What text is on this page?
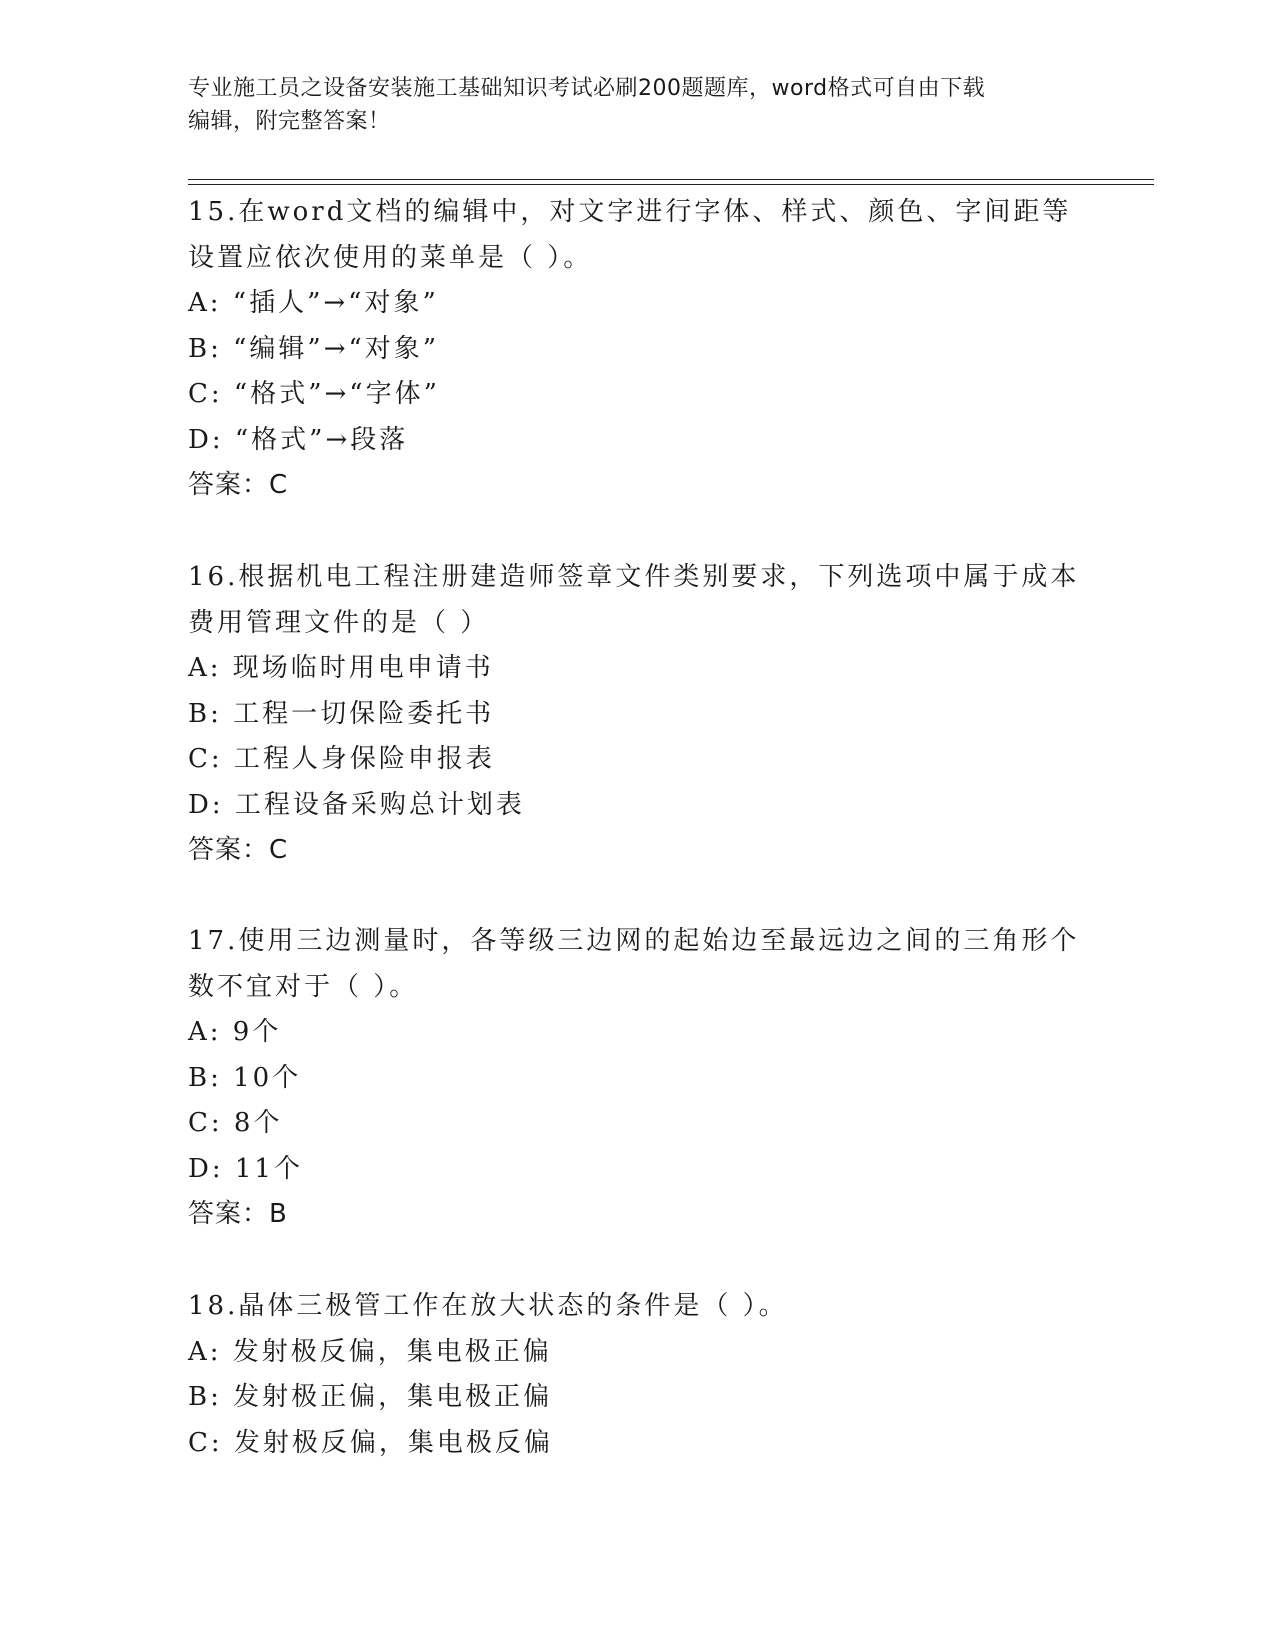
专业施工员之设备安装施工基础知识考试必刷200题题库，word格式可自由下载
编辑，附完整答案！

15.在word文档的编辑中，对文字进行字体、样式、颜色、字间距等

设置应依次使用的菜单是（ ）。

A: “插人”→“对象”

B: “编辑”→“对象”

C: “格式”→“字体”

D: “格式”→段落

答案：C

16.根据机电工程注册建造师签章文件类别要求，下列选项中属于成本

费用管理文件的是（ ）

A: 现场临时用电申请书

B: 工程一切保险委托书

C: 工程人身保险申报表

D: 工程设备采购总计划表

答案：C

17.使用三边测量时，各等级三边网的起始边至最远边之间的三角形个

数不宜对于（ ）。

A: 9个

B: 10个

C: 8个

D: 11个

答案：B

18.晶体三极管工作在放大状态的条件是（ ）。

A: 发射极反偏，集电极正偏

B: 发射极正偏，集电极正偏

C: 发射极反偏，集电极反偏
